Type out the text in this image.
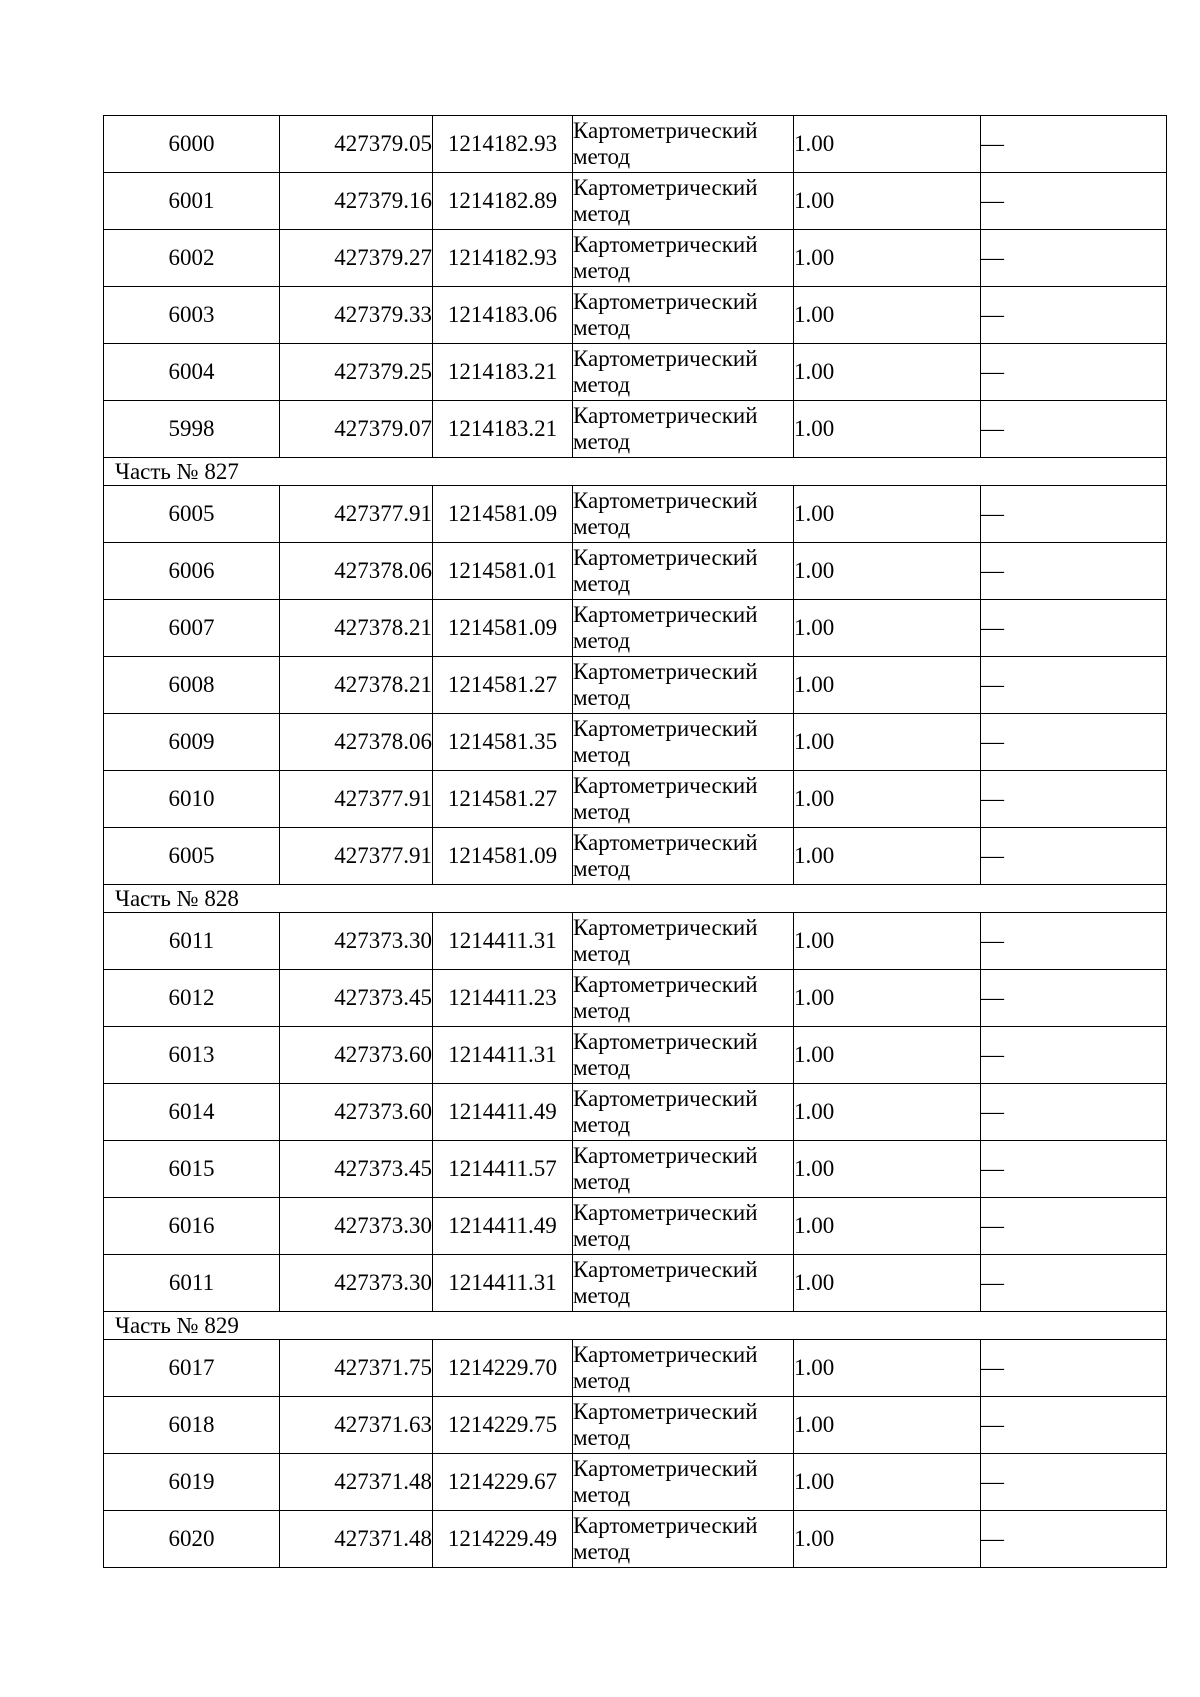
6000	427379.05	1214182.93	Картометрический метод	1.00	—
6001	427379.16	1214182.89	Картометрический метод	1.00	—
6002	427379.27	1214182.93	Картометрический метод	1.00	—
6003	427379.33	1214183.06	Картометрический метод	1.00	—
6004	427379.25	1214183.21	Картометрический метод	1.00	—
5998	427379.07	1214183.21	Картометрический метод	1.00	—
Часть № 827					
6005	427377.91	1214581.09	Картометрический метод	1.00	—
6006	427378.06	1214581.01	Картометрический метод	1.00	—
6007	427378.21	1214581.09	Картометрический метод	1.00	—
6008	427378.21	1214581.27	Картометрический метод	1.00	—
6009	427378.06	1214581.35	Картометрический метод	1.00	—
6010	427377.91	1214581.27	Картометрический метод	1.00	—
6005	427377.91	1214581.09	Картометрический метод	1.00	—
Часть № 828					
6011	427373.30	1214411.31	Картометрический метод	1.00	—
6012	427373.45	1214411.23	Картометрический метод	1.00	—
6013	427373.60	1214411.31	Картометрический метод	1.00	—
6014	427373.60	1214411.49	Картометрический метод	1.00	—
6015	427373.45	1214411.57	Картометрический метод	1.00	—
6016	427373.30	1214411.49	Картометрический метод	1.00	—
6011	427373.30	1214411.31	Картометрический метод	1.00	—
Часть № 829					
6017	427371.75	1214229.70	Картометрический метод	1.00	—
6018	427371.63	1214229.75	Картометрический метод	1.00	—
6019	427371.48	1214229.67	Картометрический метод	1.00	—
6020	427371.48	1214229.49	Картометрический метод	1.00	—
